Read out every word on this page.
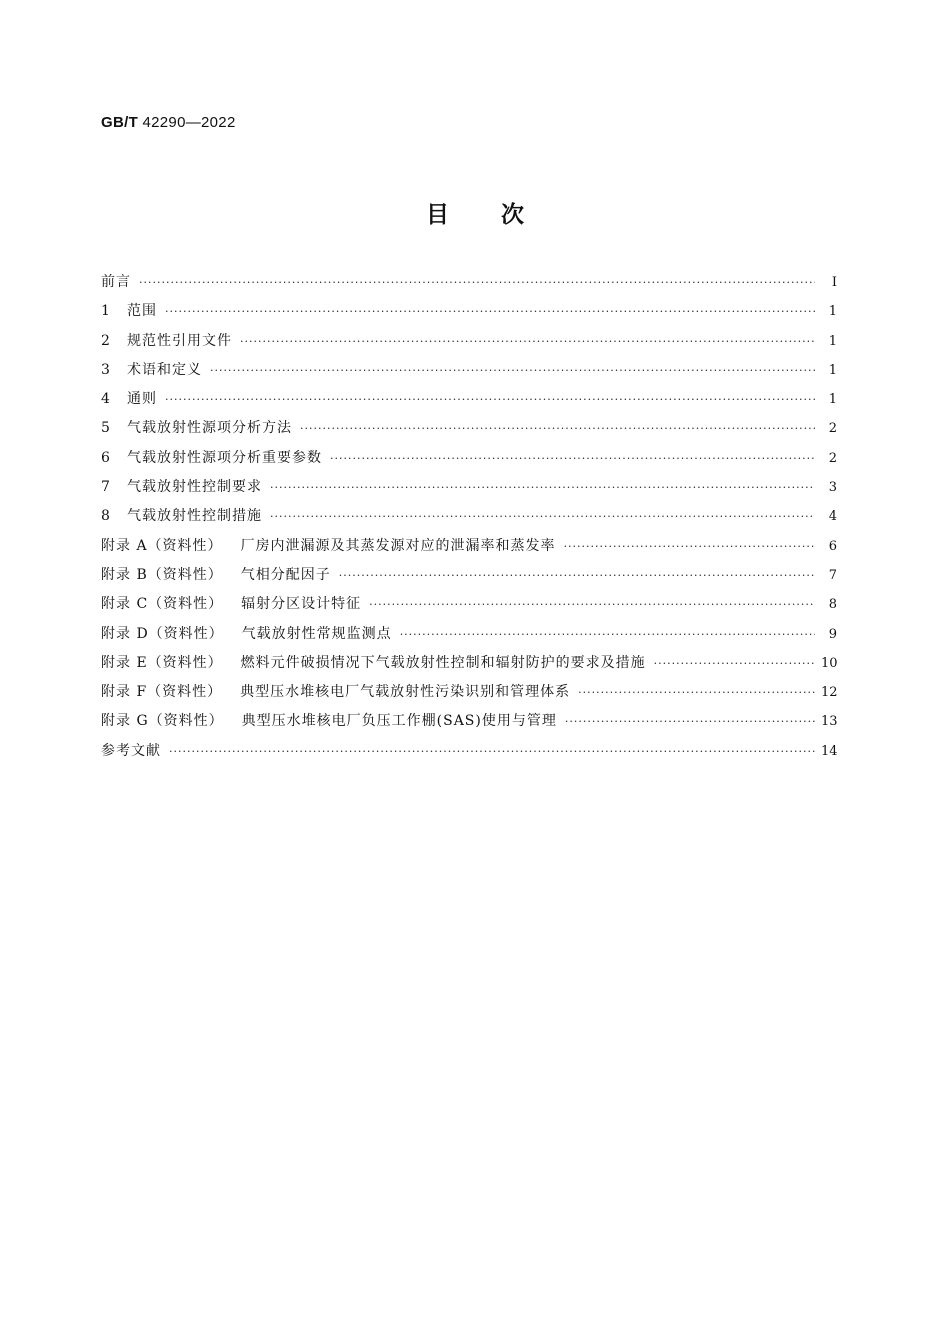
GB/T 42290—2022
目 次
前言 ·····	Ⅰ
1	范围 ·····	1
2	规范性引用文件 ·····	1
3	术语和定义 ·····	1
4	通则 ·····	1
5	气载放射性源项分析方法 ·····	2
6	气载放射性源项分析重要参数 ·····	2
7	气载放射性控制要求 ·····	3
8	气载放射性控制措施 ·····	4
附录 A（资料性） 厂房内泄漏源及其蒸发源对应的泄漏率和蒸发率 ·····	6
附录 B（资料性） 气相分配因子 ·····	7
附录 C（资料性） 辐射分区设计特征 ·····	8
附录 D（资料性） 气载放射性常规监测点 ·····	9
附录 E（资料性） 燃料元件破损情况下气载放射性控制和辐射防护的要求及措施 ·····	10
附录 F（资料性） 典型压水堆核电厂气载放射性污染识别和管理体系 ·····	12
附录 G（资料性） 典型压水堆核电厂负压工作棚(SAS)使用与管理 ·····	13
参考文献 ·····	14
